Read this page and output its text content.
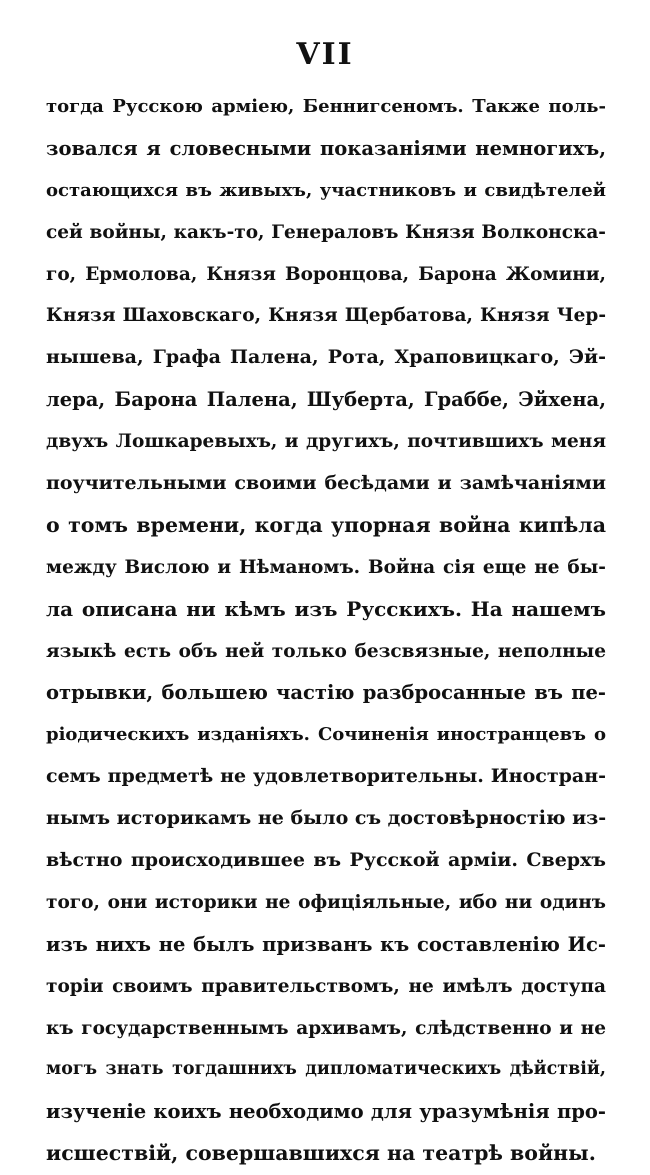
VII
тогда Русскою арміею, Беннигсеномъ. Также поль-
зовался я словесными показаніями немногихъ,
остающихся въ живыхъ, участниковъ и свидѣтелей
сей войны, какъ-то, Генераловъ Князя Волконска-
го, Ермолова, Князя Воронцова, Барона Жомини,
Князя Шаховскаго, Князя Щербатова, Князя Чер-
нышева, Графа Палена, Рота, Храповицкаго, Эй-
лера, Барона Палена, Шуберта, Граббе, Эйхена,
двухъ Лошкаревыхъ, и другихъ, почтившихъ меня
поучительными своими бесѣдами и замѣчаніями
о томъ времени, когда упорная война кипѣла
между Вислою и Нѣманомъ. Война сія еще не бы-
ла описана ни кѣмъ изъ Русскихъ. На нашемъ
языкѣ есть объ ней только безсвязные, неполные
отрывки, большею частію разбросанные въ пе-
ріодическихъ изданіяхъ. Сочиненія иностранцевъ о
семъ предметѣ не удовлетворительны. Иностран-
нымъ историкамъ не было съ достовѣрностію из-
вѣстно происходившее въ Русской арміи. Сверхъ
того, они историки не офиціяльные, ибо ни одинъ
изъ нихъ не былъ призванъ къ составленію Ис-
торіи своимъ правительствомъ, не имѣлъ доступа
къ государственнымъ архивамъ, слѣдственно и не
могъ знать тогдашнихъ дипломатическихъ дѣйствій,
изученіе коихъ необходимо для уразумѣнія про-
исшествій, совершавшихся на театрѣ войны.
